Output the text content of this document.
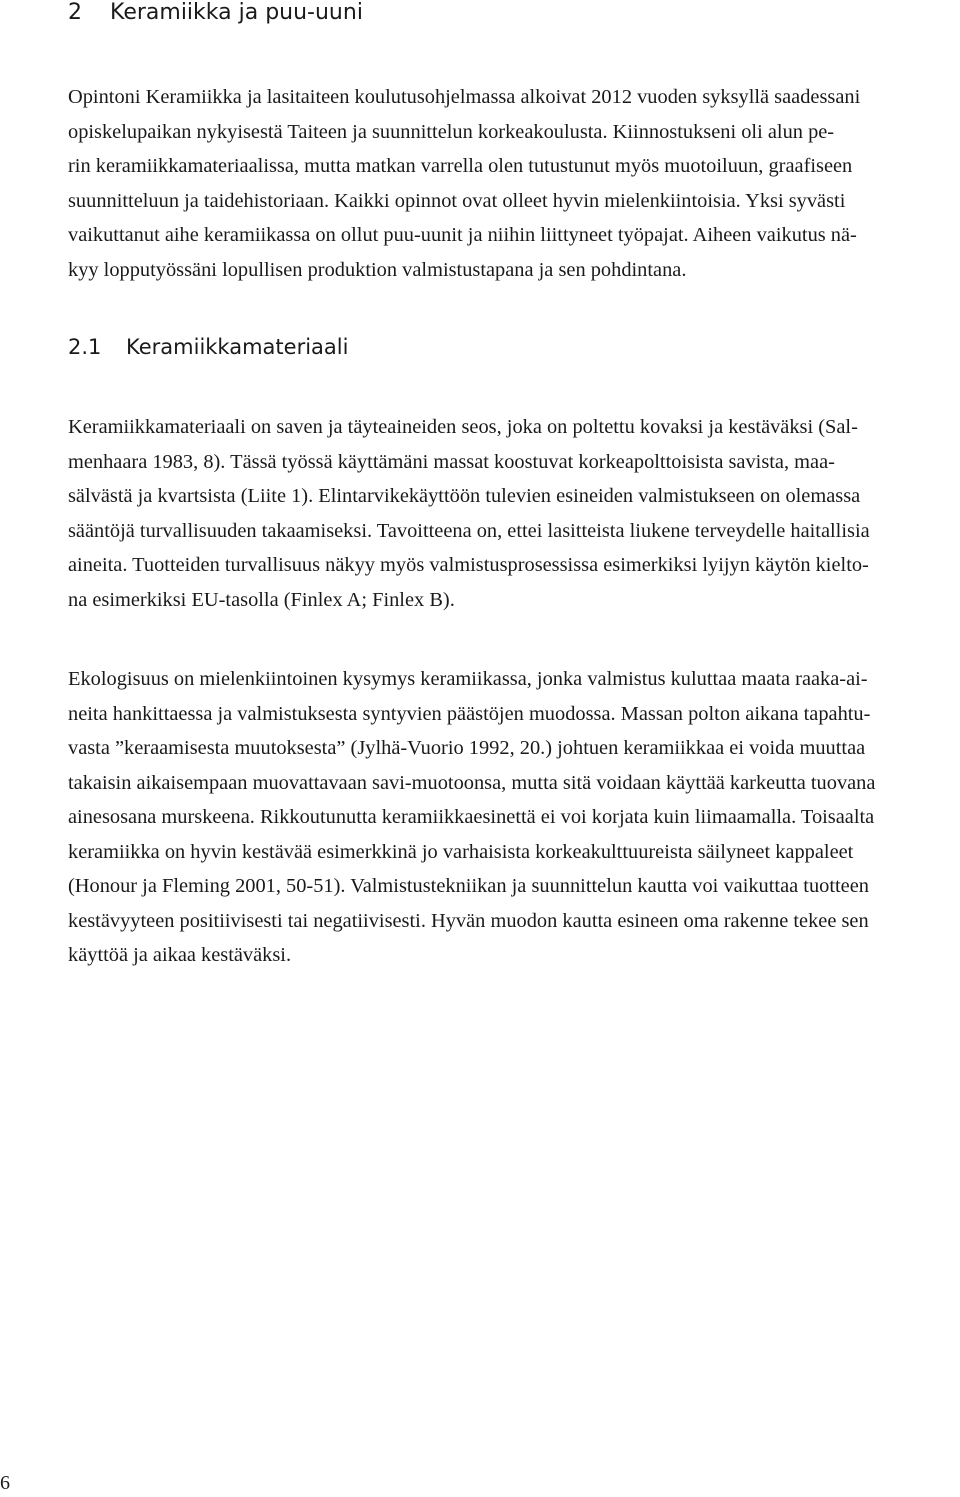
2 Keramiikka ja puu-uuni

Opintoni Keramiikka ja lasitaiteen koulutusohjelmassa alkoivat 2012 vuoden syksyllä saadessani
opiskelupaikan nykyisestä Taiteen ja suunnittelun korkeakoulusta. Kiinnostukseni oli alun pe-
rin keramiikkamateriaalissa, mutta matkan varrella olen tutustunut myös muotoiluun, graafiseen
suunnitteluun ja taidehistoriaan. Kaikki opinnot ovat olleet hyvin mielenkiintoisia. Yksi syvästi
vaikuttanut aihe keramiikassa on ollut puu-uunit ja niihin liittyneet työpajat. Aiheen vaikutus nä-
kyy lopputyössäni lopullisen produktion valmistustapana ja sen pohdintana.

2.1 Keramiikkamateriaali

Keramiikkamateriaali on saven ja täyteaineiden seos, joka on poltettu kovaksi ja kestäväksi (Sal-
menhaara 1983, 8). Tässä työssä käyttämäni massat koostuvat korkeapolttoisista savista, maa-
sälvästä ja kvartsista (Liite 1). Elintarvikekäyttöön tulevien esineiden valmistukseen on olemassa
sääntöjä turvallisuuden takaamiseksi. Tavoitteena on, ettei lasitteista liukene terveydelle haitallisia
aineita. Tuotteiden turvallisuus näkyy myös valmistusprosessissa esimerkiksi lyijyn käytön kielto-
na esimerkiksi EU-tasolla (Finlex A; Finlex B).

Ekologisuus on mielenkiintoinen kysymys keramiikassa, jonka valmistus kuluttaa maata raaka-ai-
neita hankittaessa ja valmistuksesta syntyvien päästöjen muodossa. Massan polton aikana tapahtu-
vasta ”keraamisesta muutoksesta” (Jylhä-Vuorio 1992, 20.) johtuen keramiikkaa ei voida muuttaa
takaisin aikaisempaan muovattavaan savi-muotoonsa, mutta sitä voidaan käyttää karkeutta tuovana
ainesosana murskeena. Rikkoutunutta keramiikkaesinettä ei voi korjata kuin liimaamalla. Toisaalta
keramiikka on hyvin kestävää esimerkkinä jo varhaisista korkeakulttuureista säilyneet kappaleet
(Honour ja Fleming 2001, 50-51). Valmistustekniikan ja suunnittelun kautta voi vaikuttaa tuotteen
kestävyyteen positiivisesti tai negatiivisesti. Hyvän muodon kautta esineen oma rakenne tekee sen
käyttöä ja aikaa kestäväksi.

6
